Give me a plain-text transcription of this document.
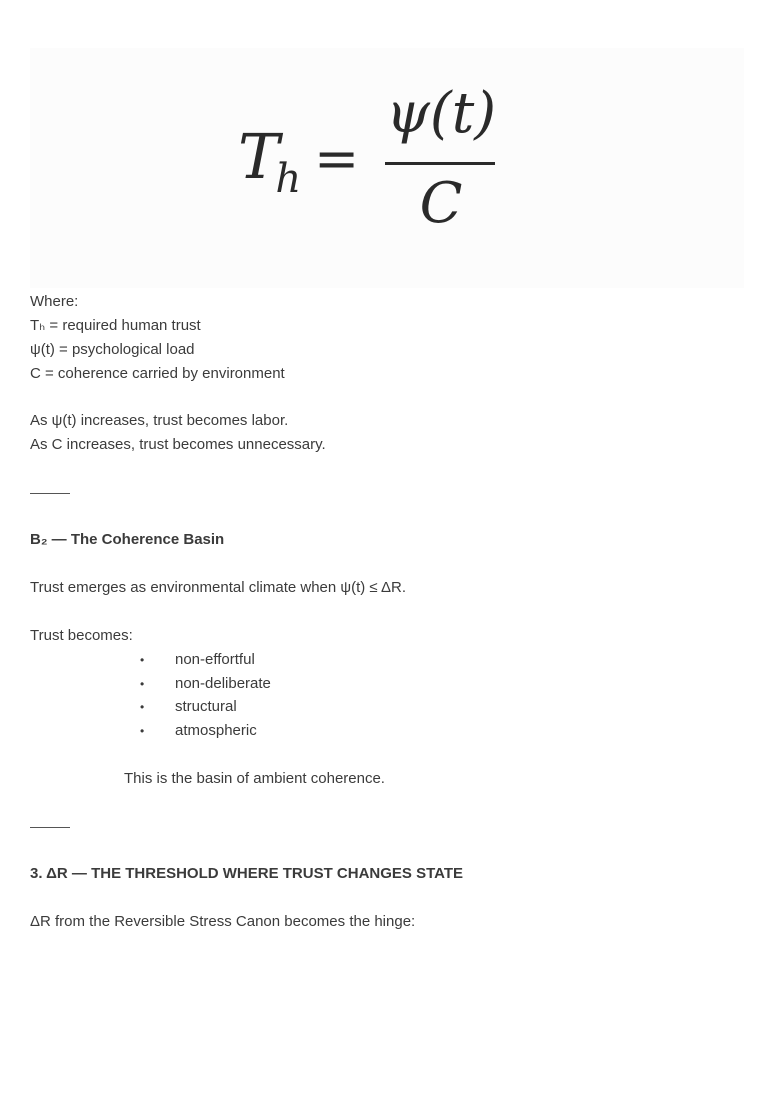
$T_h$ =
ψ(t)
C
Where:
Tₕ = required human trust
ψ(t) = psychological load
C = coherence carried by environment
As ψ(t) increases, trust becomes labor.
As C increases, trust becomes unnecessary.
B₂ — The Coherence Basin
Trust emerges as environmental climate when ψ(t) ≤ ΔR.
Trust becomes:
• non-effortful
• non-deliberate
• structural
• atmospheric
This is the basin of ambient coherence.
3. ΔR — THE THRESHOLD WHERE TRUST CHANGES STATE
ΔR from the Reversible Stress Canon becomes the hinge:
